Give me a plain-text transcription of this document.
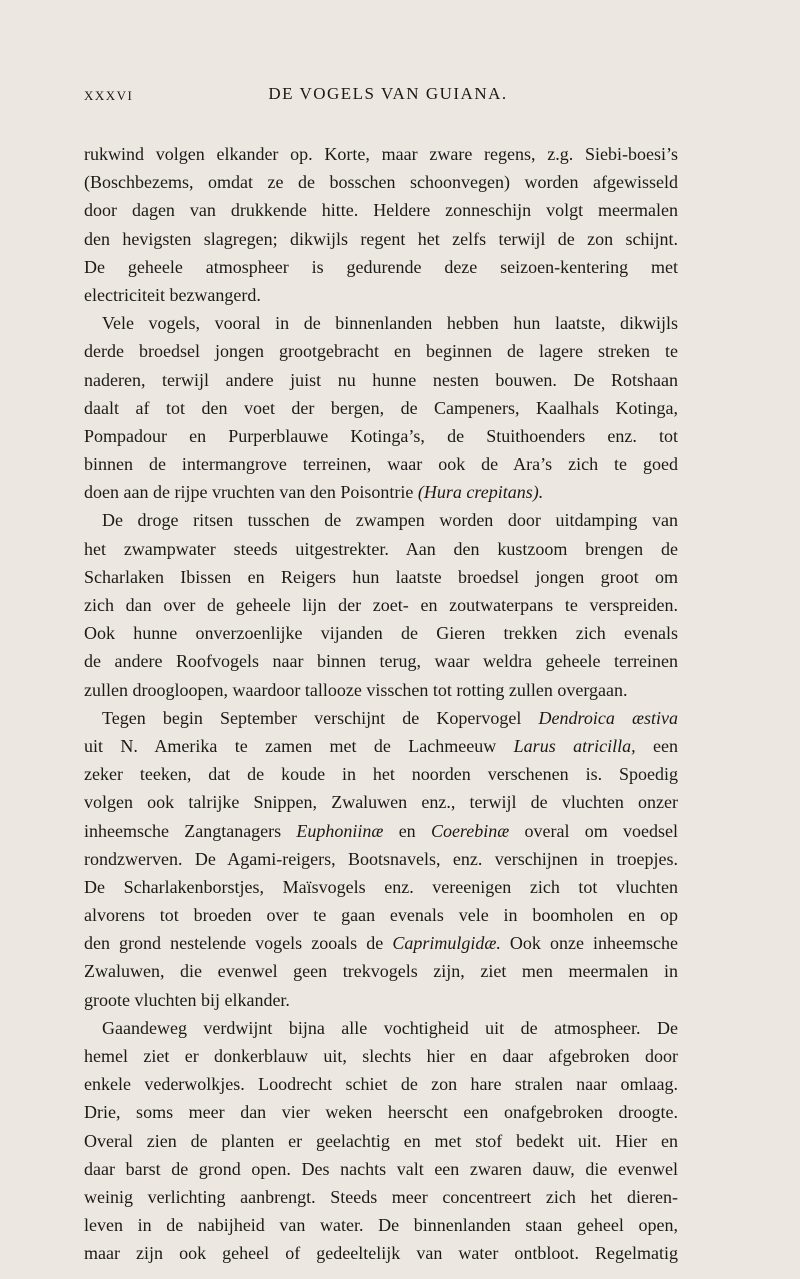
XXXVI	DE VOGELS VAN GUIANA.
rukwind volgen elkander op. Korte, maar zware regens, z.g. Siebi-boesi’s
(Boschbezems, omdat ze de bosschen schoonvegen) worden afgewisseld
door dagen van drukkende hitte. Heldere zonneschijn volgt meermalen
den hevigsten slagregen; dikwijls regent het zelfs terwijl de zon schijnt.
De geheele atmospheer is gedurende deze seizoen-kentering met
electriciteit bezwangerd.
Vele vogels, vooral in de binnenlanden hebben hun laatste, dikwijls
derde broedsel jongen grootgebracht en beginnen de lagere streken te
naderen, terwijl andere juist nu hunne nesten bouwen. De Rotshaan
daalt af tot den voet der bergen, de Campeners, Kaalhals Kotinga,
Pompadour en Purperblauwe Kotinga’s, de Stuithoenders enz. tot
binnen de intermangrove terreinen, waar ook de Ara’s zich te goed
doen aan de rijpe vruchten van den Poisontrie (Hura crepitans).
De droge ritsen tusschen de zwampen worden door uitdamping van
het zwampwater steeds uitgestrekter. Aan den kustzoom brengen de
Scharlaken Ibissen en Reigers hun laatste broedsel jongen groot om
zich dan over de geheele lijn der zoet- en zoutwaterpans te verspreiden.
Ook hunne onverzoenlijke vijanden de Gieren trekken zich evenals
de andere Roofvogels naar binnen terug, waar weldra geheele terreinen
zullen droogloopen, waardoor tallooze visschen tot rotting zullen overgaan.
Tegen begin September verschijnt de Kopervogel Dendroica æstiva
uit N. Amerika te zamen met de Lachmeeuw Larus atricilla, een
zeker teeken, dat de koude in het noorden verschenen is. Spoedig
volgen ook talrijke Snippen, Zwaluwen enz., terwijl de vluchten onzer
inheemsche Zangtanagers Euphoniinæ en Coerebinæ overal om voedsel
rondzwerven. De Agami-reigers, Bootsnavels, enz. verschijnen in troepjes.
De Scharlakenborstjes, Maïsvogels enz. vereenigen zich tot vluchten
alvorens tot broeden over te gaan evenals vele in boomholen en op
den grond nestelende vogels zooals de Caprimulgidæ. Ook onze inheemsche
Zwaluwen, die evenwel geen trekvogels zijn, ziet men meermalen in
groote vluchten bij elkander.
Gaandeweg verdwijnt bijna alle vochtigheid uit de atmospheer. De
hemel ziet er donkerblauw uit, slechts hier en daar afgebroken door
enkele vederwolkjes. Loodrecht schiet de zon hare stralen naar omlaag.
Drie, soms meer dan vier weken heerscht een onafgebroken droogte.
Overal zien de planten er geelachtig en met stof bedekt uit. Hier en
daar barst de grond open. Des nachts valt een zwaren dauw, die evenwel
weinig verlichting aanbrengt. Steeds meer concentreert zich het dieren-
leven in de nabijheid van water. De binnenlanden staan geheel open,
maar zijn ook geheel of gedeeltelijk van water ontbloot. Regelmatig
